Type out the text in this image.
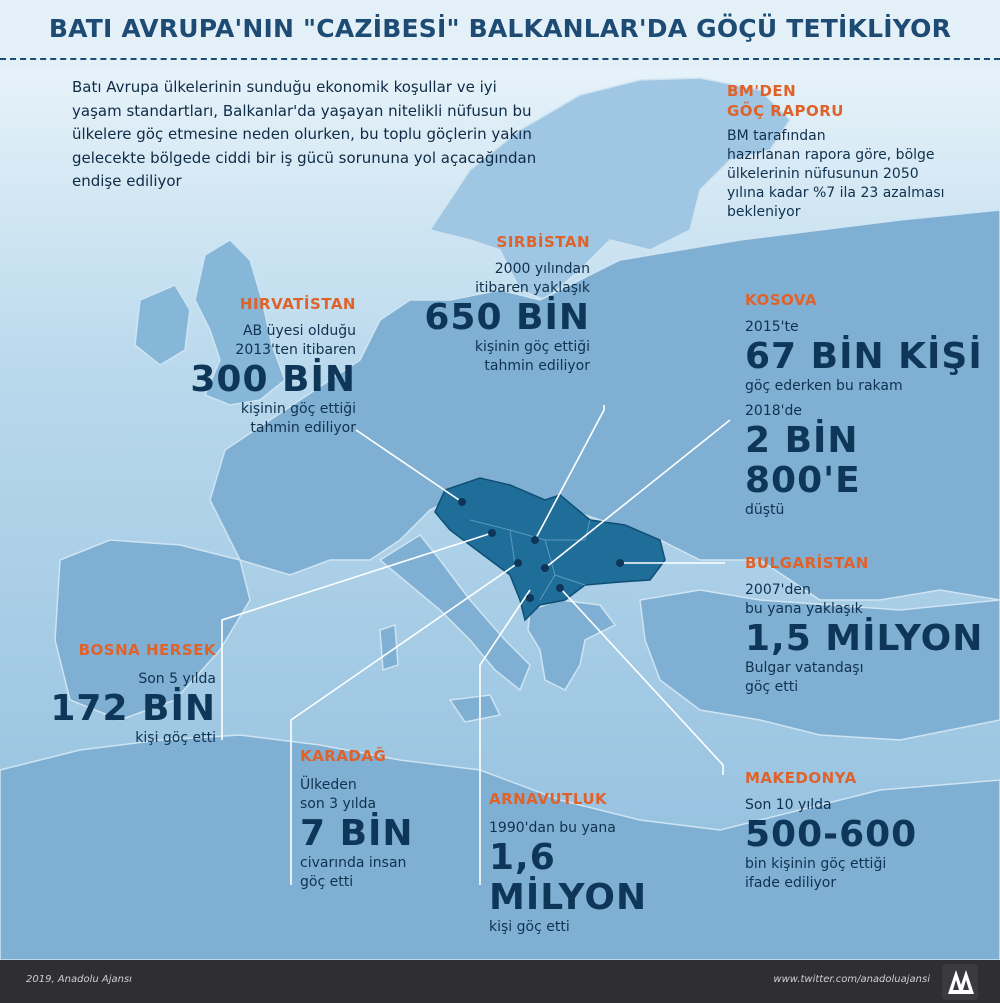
BATI AVRUPA'NIN "CAZİBESİ" BALKANLAR'DA GÖÇÜ TETİKLİYOR
Batı Avrupa ülkelerinin sunduğu ekonomik koşullar ve iyi yaşam standartları, Balkanlar'da yaşayan nitelikli nüfusun bu ülkelere göç etmesine neden olurken, bu toplu göçlerin yakın gelecekte bölgede ciddi bir iş gücü sorununa yol açacağından endişe ediliyor
BM'DEN
GÖÇ RAPORU
BM tarafından
hazırlanan rapora göre, bölge
ülkelerinin nüfusunun 2050
yılına kadar %7 ila 23 azalması
bekleniyor
SIRBİSTAN
2000 yılından
itibaren yaklaşık
650 BİN
kişinin göç ettiği
tahmin ediliyor
HIRVATİSTAN
AB üyesi olduğu
2013'ten itibaren
300 BİN
kişinin göç ettiği
tahmin ediliyor
KOSOVA
2015'te
67 BİN KİŞİ
göç ederken bu rakam
2018'de
2 BİN 800'E
düştü
BULGARİSTAN
2007'den
bu yana yaklaşık
1,5 MİLYON
Bulgar vatandaşı
göç etti
BOSNA HERSEK
Son 5 yılda
172 BİN
kişi göç etti
KARADAĞ
Ülkeden
son 3 yılda
7 BİN
civarında insan
göç etti
ARNAVUTLUK
1990'dan bu yana
1,6 MİLYON
kişi göç etti
MAKEDONYA
Son 10 yılda
500-600
bin kişinin göç ettiği
ifade ediliyor
2019, Anadolu Ajansı	www.twitter.com/anadoluajansi
